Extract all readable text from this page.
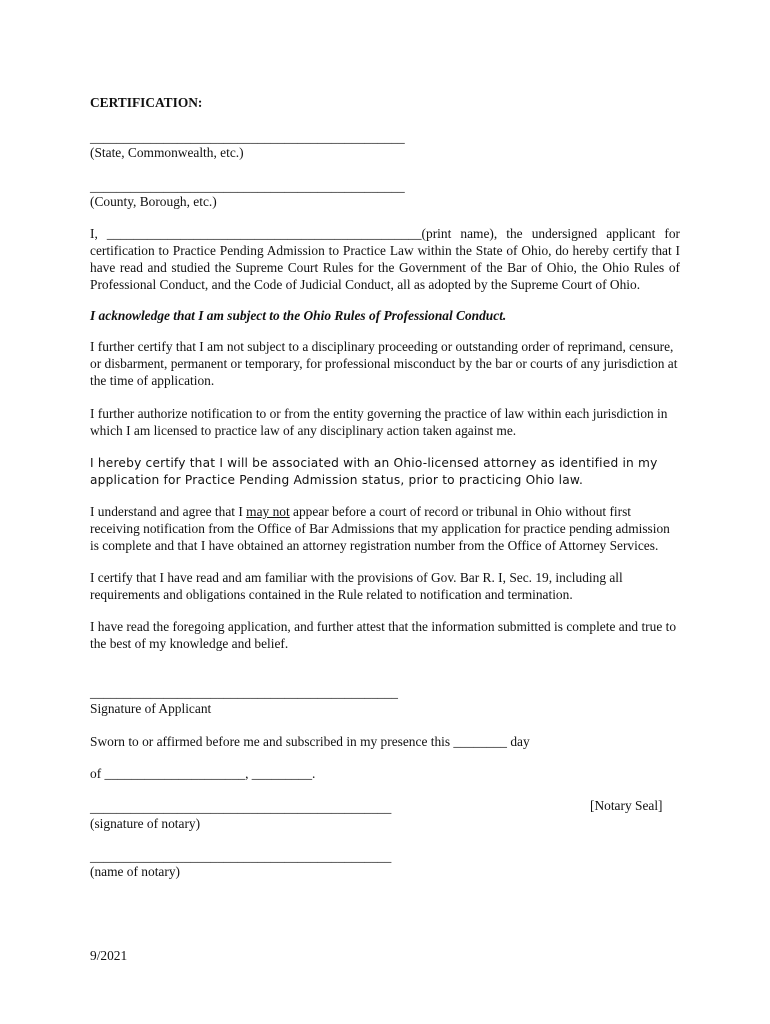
CERTIFICATION:
_______________________________________________
(State, Commonwealth, etc.)
_______________________________________________
(County, Borough, etc.)

I, _______________________________________________(print name), the undersigned applicant for certification to Practice Pending Admission to Practice Law within the State of Ohio, do hereby certify that I have read and studied the Supreme Court Rules for the Government of the Bar of Ohio, the Ohio Rules of Professional Conduct, and the Code of Judicial Conduct, all as adopted by the Supreme Court of Ohio.

I acknowledge that I am subject to the Ohio Rules of Professional Conduct.

I further certify that I am not subject to a disciplinary proceeding or outstanding order of reprimand, censure, or disbarment, permanent or temporary, for professional misconduct by the bar or courts of any jurisdiction at the time of application.

I further authorize notification to or from the entity governing the practice of law within each jurisdiction in which I am licensed to practice law of any disciplinary action taken against me.

I hereby certify that I will be associated with an Ohio-licensed attorney as identified in my application for Practice Pending Admission status, prior to practicing Ohio law.

I understand and agree that I may not appear before a court of record or tribunal in Ohio without first receiving notification from the Office of Bar Admissions that my application for practice pending admission is complete and that I have obtained an attorney registration number from the Office of Attorney Services.

I certify that I have read and am familiar with the provisions of Gov. Bar R. I, Sec. 19, including all requirements and obligations contained in the Rule related to notification and termination.

I have read the foregoing application, and further attest that the information submitted is complete and true to the best of my knowledge and belief.

______________________________________________
Signature of Applicant
Sworn to or affirmed before me and subscribed in my presence this ________ day
of _____________________, _________.
_____________________________________________	[Notary Seal]
(signature of notary)
_____________________________________________
(name of notary)
9/2021
